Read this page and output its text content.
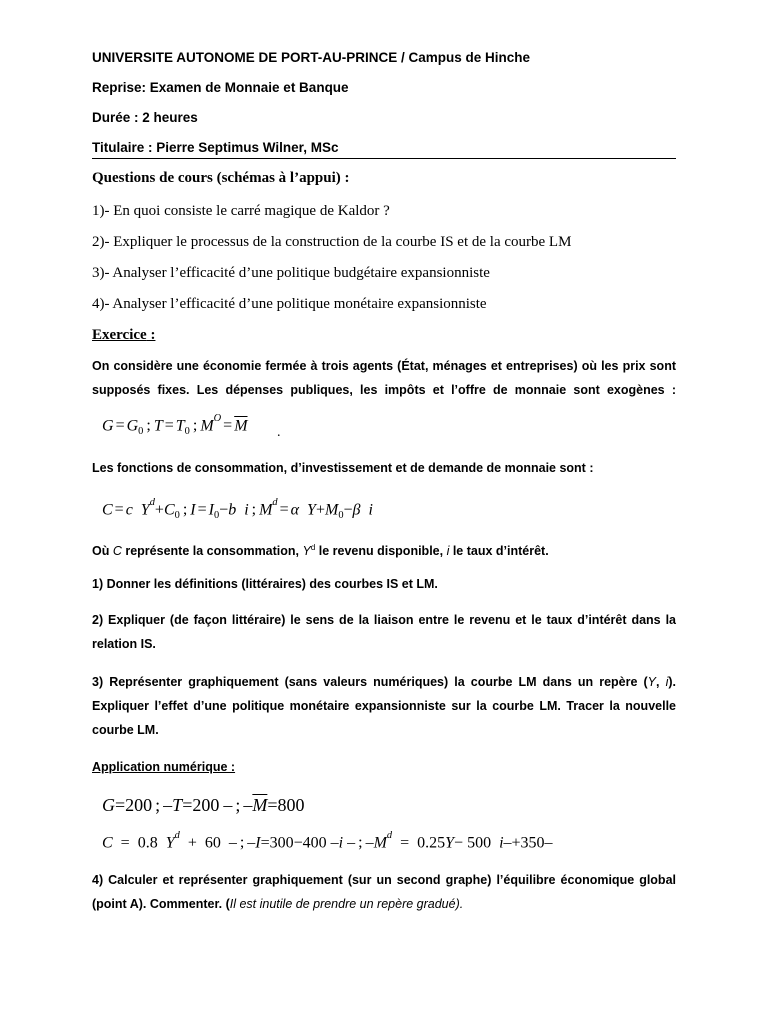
UNIVERSITE AUTONOME DE PORT-AU-PRINCE / Campus de Hinche
Reprise: Examen de Monnaie et Banque
Durée : 2 heures
Titulaire : Pierre Septimus Wilner, MSc
Questions de cours (schémas à l’appui) :
1)- En quoi consiste le carré magique de Kaldor ?
2)- Expliquer le processus de la construction de la courbe IS et de la courbe LM
3)- Analyser l’efficacité d’une politique budgétaire expansionniste
4)- Analyser l’efficacité d’une politique monétaire expansionniste
Exercice :
On considère une économie fermée à trois agents (État, ménages et entreprises) où les prix sont
supposés fixes. Les dépenses publiques, les impôts et l’offre de monnaie sont exogènes :
$G = G_0$ ; $T = T_0$ ; $M^O = \overline{M}$ .
Les fonctions de consommation, d’investissement et de demande de monnaie sont :
C = c  $Y^d+C_0$ ; $I = I_0-b$  i ; $M^d = \alpha$  $Y+M_0-\beta$  i
Où C représente la consommation, $Y^d$ le revenu disponible, i le taux d’intérêt.
1) Donner les définitions (littéraires) des courbes IS et LM.
2) Expliquer (de façon littéraire) le sens de la liaison entre le revenu et le taux d’intérêt dans la
relation IS.
3) Représenter graphiquement (sans valeurs numériques) la courbe LM dans un repère (Y, i).
Expliquer l’effet d’une politique monétaire expansionniste sur la courbe LM. Tracer la nouvelle
courbe LM.
Application numérique :
G=200 ; –T=200 – ; $-\overline{M}=800$
C  =  0.8  $Y^d + 60$  – ; –I=300−400 –i – ; $-M^d = 0.25Y- 500$  i–+350–
4) Calculer et représenter graphiquement (sur un second graphe) l’équilibre économique global
(point A). Commenter. (Il est inutile de prendre un repère gradué).
